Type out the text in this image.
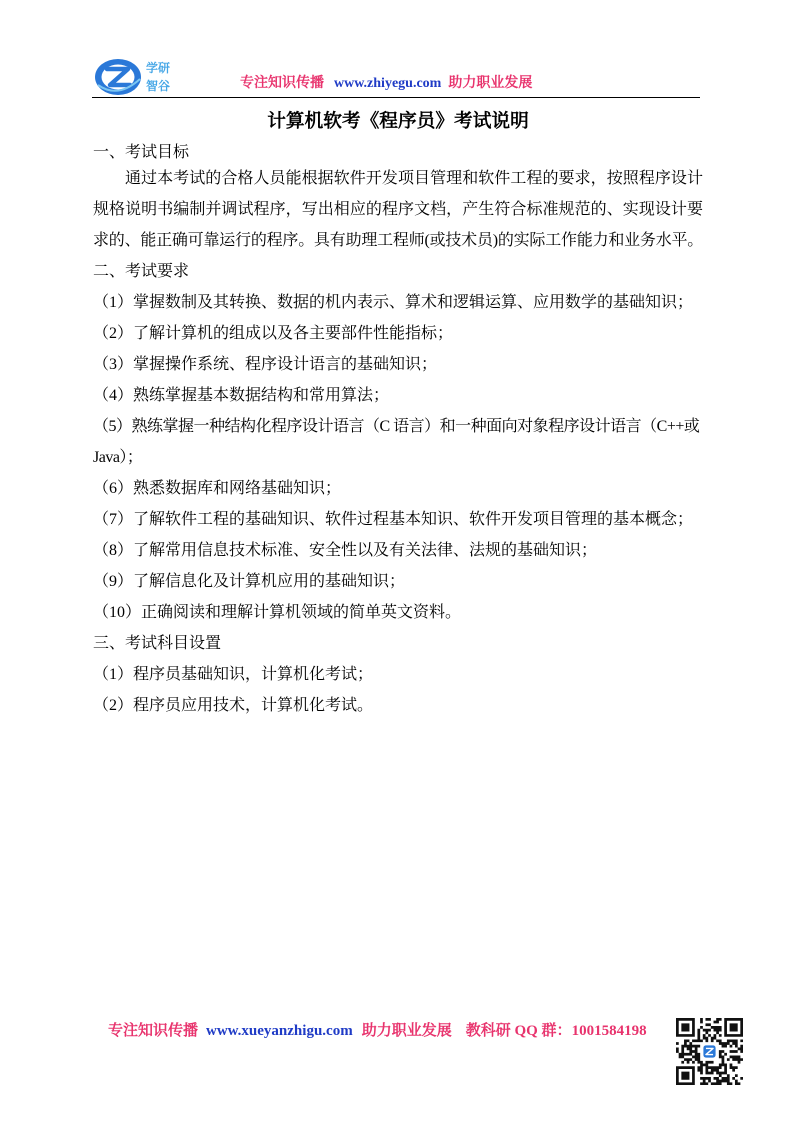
学研
智谷	专注知识传播 www.zhiyegu.com 助力职业发展
计算机软考《程序员》考试说明
一、考试目标
通过本考试的合格人员能根据软件开发项目管理和软件工程的要求，按照程序设计
规格说明书编制并调试程序，写出相应的程序文档，产生符合标准规范的、实现设计要
求的、能正确可靠运行的程序。具有助理工程师(或技术员)的实际工作能力和业务水平。
二、考试要求
（1）掌握数制及其转换、数据的机内表示、算术和逻辑运算、应用数学的基础知识；
（2）了解计算机的组成以及各主要部件性能指标；
（3）掌握操作系统、程序设计语言的基础知识；
（4）熟练掌握基本数据结构和常用算法；
（5）熟练掌握一种结构化程序设计语言（C 语言）和一种面向对象程序设计语言（C++或 Java）；
（6）熟悉数据库和网络基础知识；
（7）了解软件工程的基础知识、软件过程基本知识、软件开发项目管理的基本概念；
（8）了解常用信息技术标准、安全性以及有关法律、法规的基础知识；
（9）了解信息化及计算机应用的基础知识；
（10）正确阅读和理解计算机领域的简单英文资料。
三、考试科目设置
（1）程序员基础知识，计算机化考试；
（2）程序员应用技术，计算机化考试。
专注知识传播 www.xueyanzhigu.com 助力职业发展 教科研 QQ 群：1001584198
